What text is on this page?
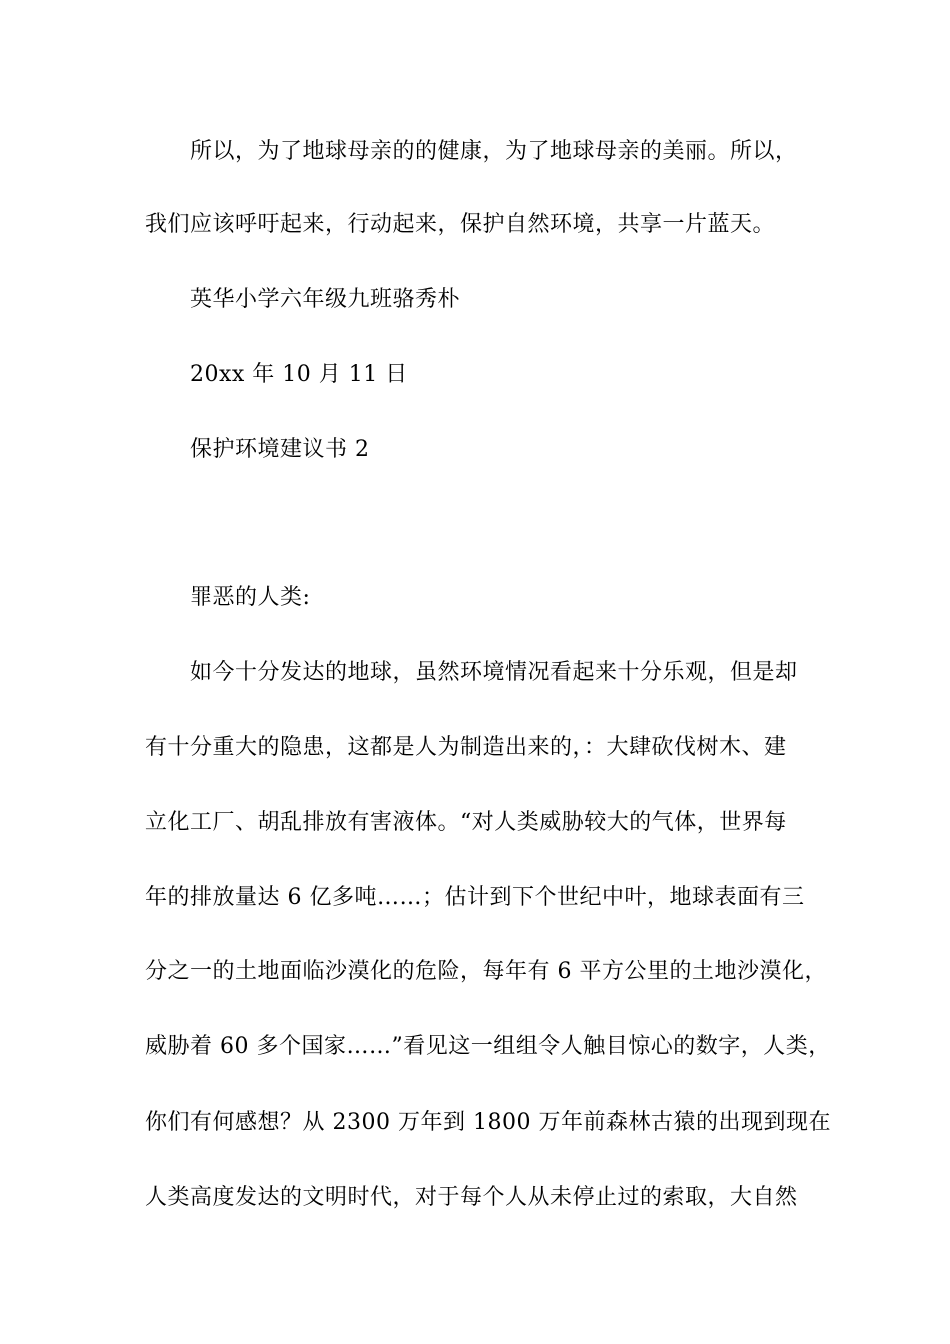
所以，为了地球母亲的的健康，为了地球母亲的美丽。所以，
我们应该呼吁起来，行动起来，保护自然环境，共享一片蓝天。
英华小学六年级九班骆秀朴
20xx 年 10 月 11 日
保护环境建议书 2
罪恶的人类:
如今十分发达的地球，虽然环境情况看起来十分乐观，但是却
有十分重大的隐患，这都是人为制造出来的，：大肆砍伐树木、建
立化工厂、胡乱排放有害液体。“对人类威胁较大的气体，世界每
年的排放量达 6 亿多吨……；估计到下个世纪中叶，地球表面有三
分之一的土地面临沙漠化的危险，每年有 6 平方公里的土地沙漠化，
威胁着 60 多个国家……”看见这一组组令人触目惊心的数字，人类，
你们有何感想？从 2300 万年到 1800 万年前森林古猿的出现到现在
人类高度发达的文明时代，对于每个人从未停止过的索取，大自然
